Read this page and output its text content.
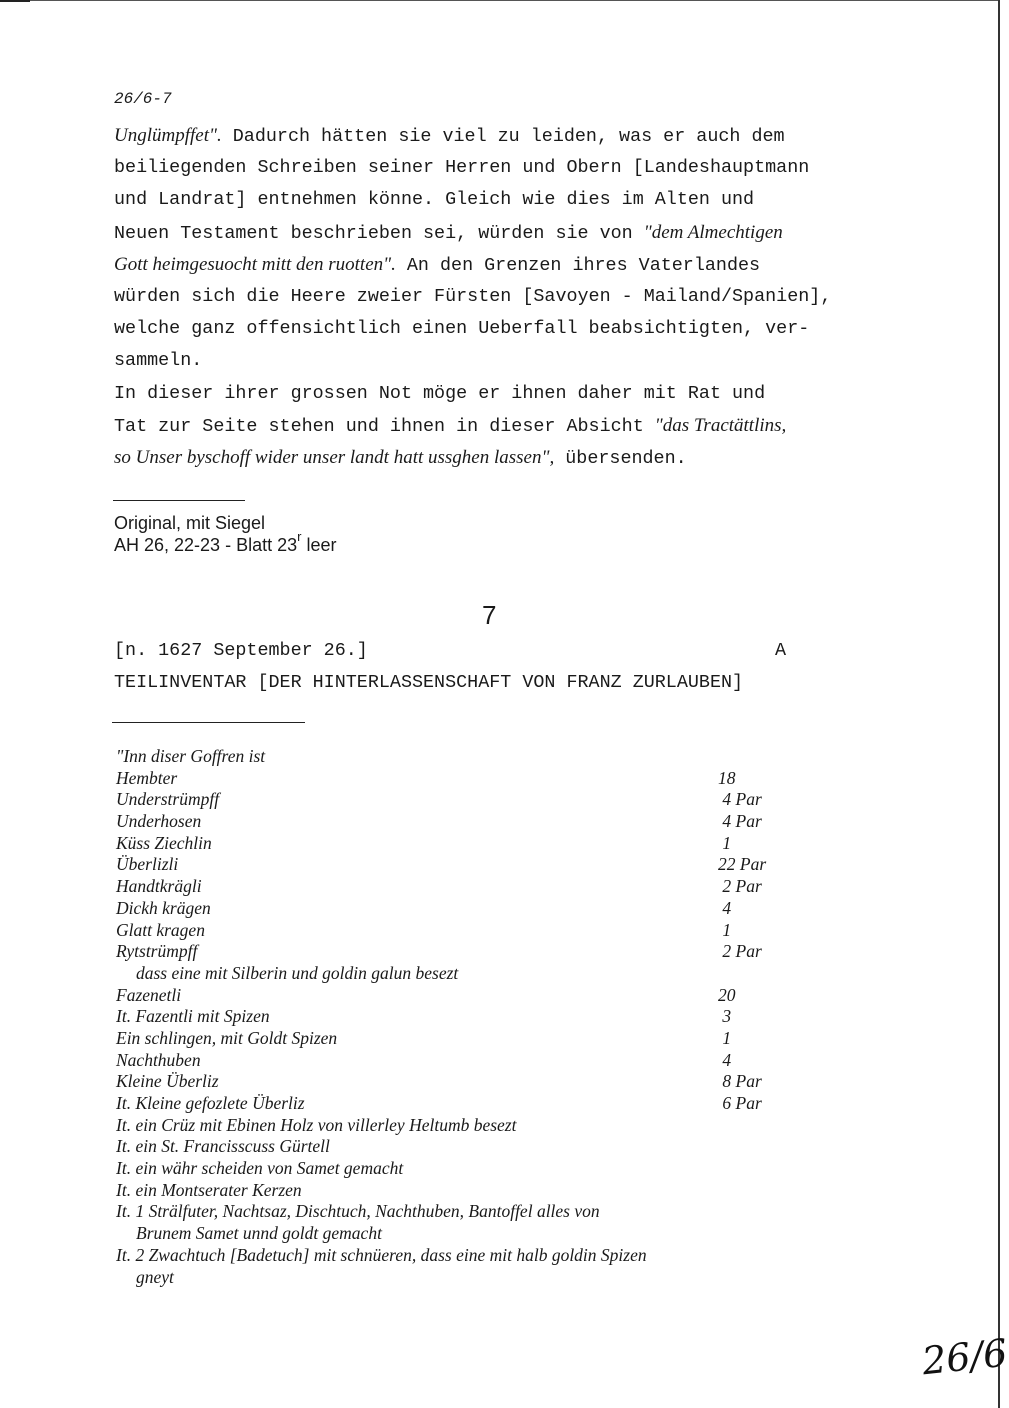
26/6-7
Unglümpffet". Dadurch hätten sie viel zu leiden, was er auch dem
beiliegenden Schreiben seiner Herren und Obern [Landeshauptmann
und Landrat] entnehmen könne. Gleich wie dies im Alten und
Neuen Testament beschrieben sei, würden sie von "dem Almechtigen
Gott heimgesuocht mitt den ruotten". An den Grenzen ihres Vaterlandes
würden sich die Heere zweier Fürsten [Savoyen - Mailand/Spanien],
welche ganz offensichtlich einen Ueberfall beabsichtigten, ver-
sammeln.
In dieser ihrer grossen Not möge er ihnen daher mit Rat und
Tat zur Seite stehen und ihnen in dieser Absicht "das Tractättlins,
so Unser byschoff wider unser landt hatt ussghen lassen", übersenden.
Original, mit Siegel
AH 26, 22-23 - Blatt 23$^r$ leer
7
[n. 1627 September 26.]	A
TEILINVENTAR [DER HINTERLASSENSCHAFT VON FRANZ ZURLAUBEN]
"Inn diser Goffren ist
Hembter	18
Understrümpff	4 Par
Underhosen	4 Par
Küss Ziechlin	1
Überlizli	22 Par
Handtkrägli	2 Par
Dickh krägen	4
Glatt kragen	1
Rytstrümpff	2 Par
dass eine mit Silberin und goldin galun besezt
Fazenetli	20
It. Fazentli mit Spizen	3
Ein schlingen, mit Goldt Spizen	1
Nachthuben	4
Kleine Überliz	8 Par
It. Kleine gefozlete Überliz	6 Par
It. ein Crüz mit Ebinen Holz von villerley Heltumb besezt
It. ein St. Francisscuss Gürtell
It. ein währ scheiden von Samet gemacht
It. ein Montserater Kerzen
It. 1 Strälfuter, Nachtsaz, Dischtuch, Nachthuben, Bantoffel alles von
Brunem Samet unnd goldt gemacht
It. 2 Zwachtuch [Badetuch] mit schnüeren, dass eine mit halb goldin Spizen
gneyt
26/6
